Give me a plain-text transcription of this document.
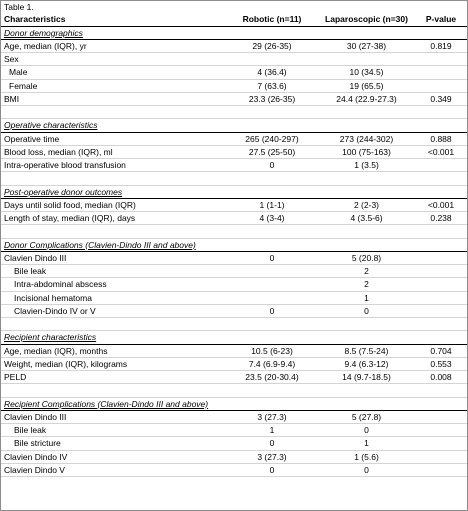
Table 1.			
Characteristics	Robotic (n=11)	Laparoscopic (n=30)	P-value
Donor demographics			
Age, median (IQR), yr	29 (26-35)	30 (27-38)	0.819
Sex			
Male	4 (36.4)	10 (34.5)	
Female	7 (63.6)	19 (65.5)	
BMI	23.3 (26-35)	24.4 (22.9-27.3)	0.349

Operative characteristics			
Operative time	265 (240-297)	273 (244-302)	0.888
Blood loss, median (IQR), ml	27.5 (25-50)	100 (75-163)	<0.001
Intra-operative blood transfusion	0	1 (3.5)	

Post-operative donor outcomes			
Days until solid food, median (IQR)	1 (1-1)	2 (2-3)	<0.001
Length of stay, median (IQR), days	4 (3-4)	4 (3.5-6)	0.238

Donor Complications (Clavien-Dindo III and above)			
Clavien Dindo III	0	5 (20.8)	
Bile leak		2	
Intra-abdominal abscess		2	
Incisional hematoma		1	
Clavien-Dindo IV or V	0	0	

Recipient characteristics			
Age, median (IQR), months	10.5 (6-23)	8.5 (7.5-24)	0.704
Weight, median (IQR), kilograms	7.4 (6.9-9.4)	9.4 (6.3-12)	0.553
PELD	23.5 (20-30.4)	14 (9.7-18.5)	0.008

Recipient Complications (Clavien-Dindo III and above)			
Clavien Dindo III	3 (27.3)	5 (27.8)	
Bile leak	1	0	
Bile stricture	0	1	
Clavien Dindo IV	3 (27.3)	1 (5.6)	
Clavien Dindo V	0	0	
